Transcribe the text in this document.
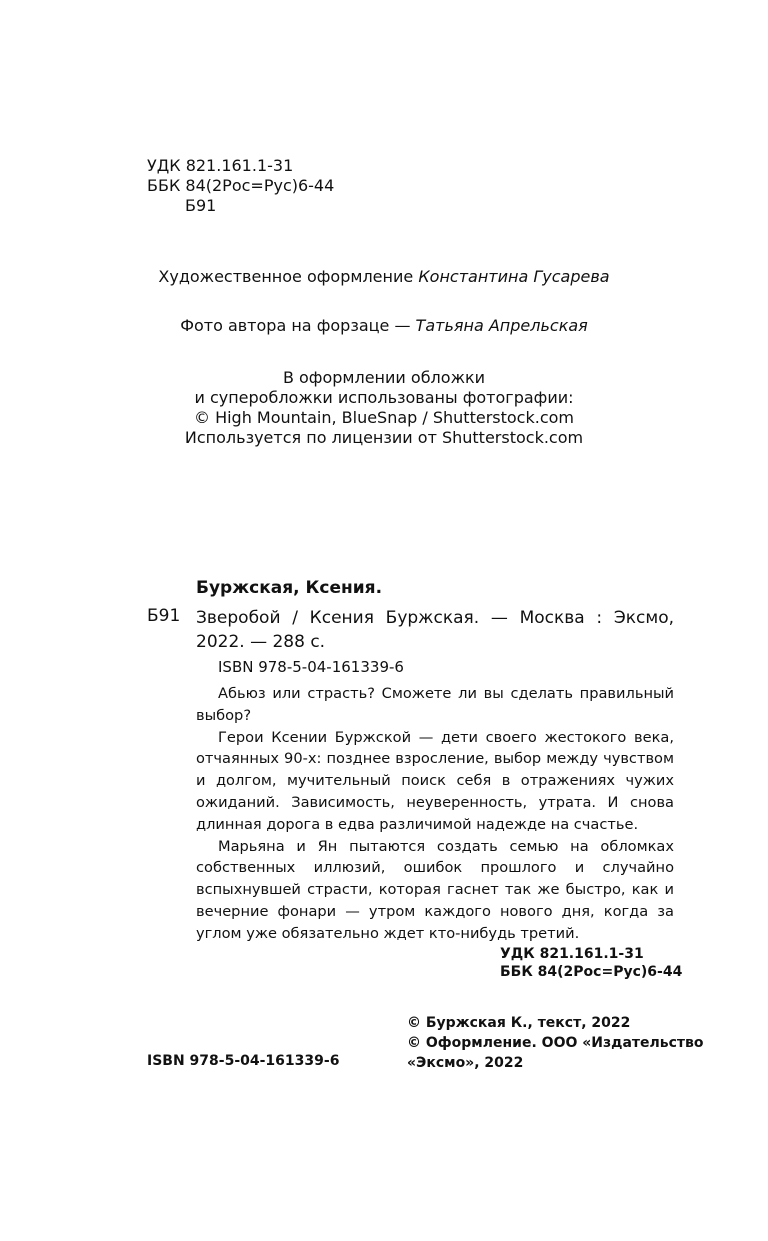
УДК 821.161.1-31
ББК 84(2Рос=Рус)6-44
Б91
Художественное оформление Константина Гусарева
Фото автора на форзаце — Татьяна Апрельская
В оформлении обложки
и суперобложки использованы фотографии:
© High Mountain, BlueSnap / Shutterstock.com
Используется по лицензии от Shutterstock.com
Буржская, Ксения.
Б91 Зверобой / Ксения Буржская. — Москва : Эксмо,
2022. — 288 с.
ISBN 978-5-04-161339-6

Абьюз или страсть? Сможете ли вы сделать правильный выбор?

Герои Ксении Буржской — дети своего жестокого века, отчаянных 90-х: позднее взросление, выбор между чувством и долгом, мучительный поиск себя в отражениях чужих ожиданий. Зависимость, неуверенность, утрата. И снова длинная дорога в едва различимой надежде на счастье.

Марьяна и Ян пытаются создать семью на обломках собственных иллюзий, ошибок прошлого и случайно вспыхнувшей страсти, которая гаснет так же быстро, как и вечерние фонари — утром каждого нового дня, когда за углом уже обязательно ждет кто-нибудь третий.

УДК 821.161.1-31
ББК 84(2Рос=Рус)6-44
© Буржская К., текст, 2022
© Оформление. ООО «Издательство
«Эксмо», 2022
ISBN 978-5-04-161339-6
